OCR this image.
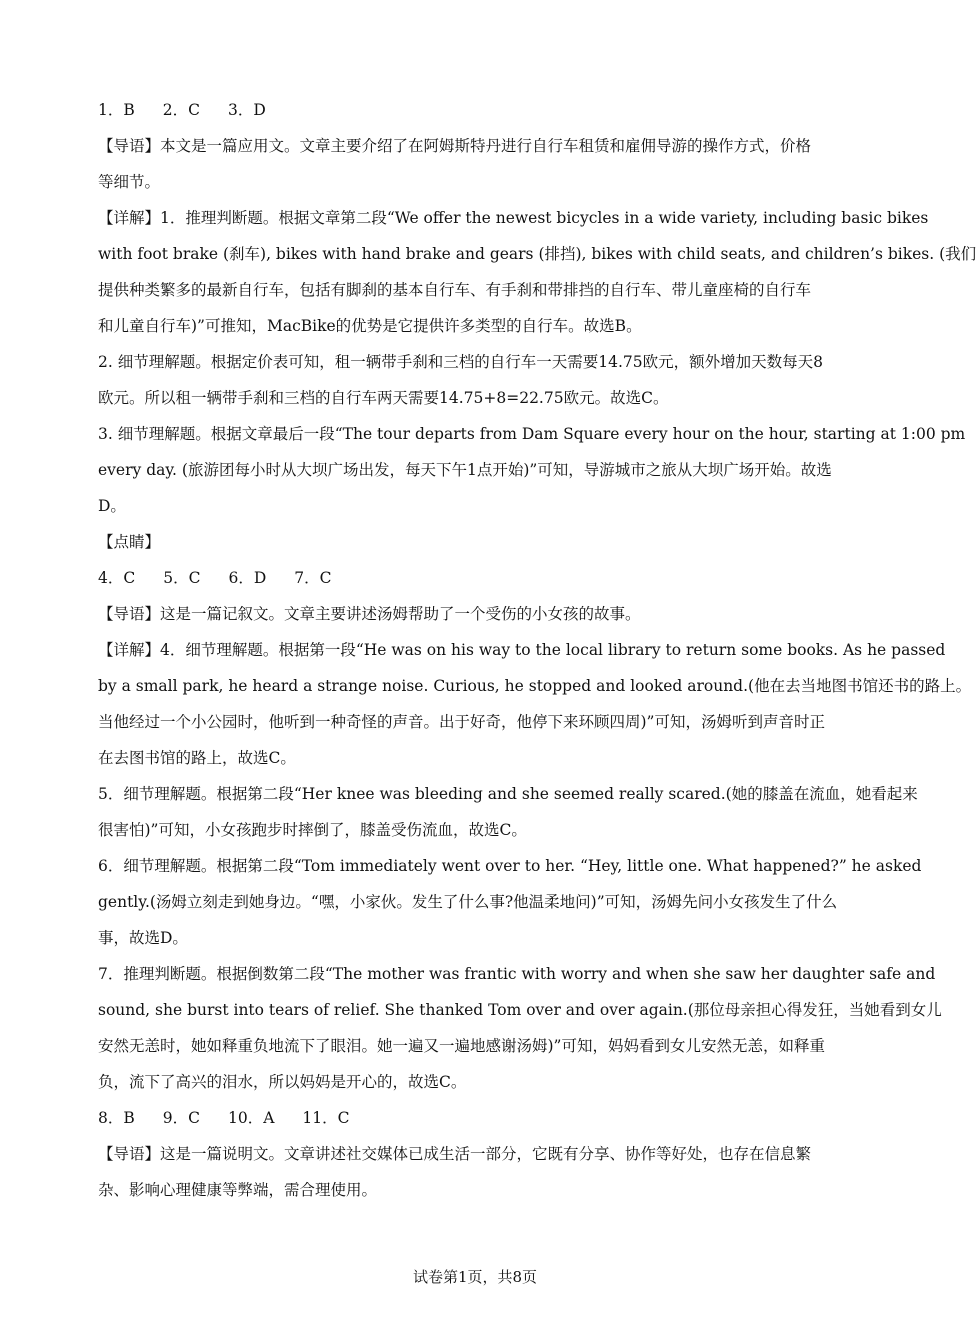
1．B 2．C 3．D
【导语】本文是一篇应用文。文章主要介绍了在阿姆斯特丹进行自行车租赁和雇佣导游的操作方式，价格
等细节。
【详解】1．推理判断题。根据文章第二段“We offer the newest bicycles in a wide variety, including basic bikes
with foot brake (刹车), bikes with hand brake and gears (排挡), bikes with child seats, and children’s bikes. (我们
提供种类繁多的最新自行车，包括有脚刹的基本自行车、有手刹和带排挡的自行车、带儿童座椅的自行车
和儿童自行车)”可推知，MacBike的优势是它提供许多类型的自行车。故选B。
2. 细节理解题。根据定价表可知，租一辆带手刹和三档的自行车一天需要14.75欧元，额外增加天数每天8
欧元。所以租一辆带手刹和三档的自行车两天需要14.75+8=22.75欧元。故选C。
3. 细节理解题。根据文章最后一段“The tour departs from Dam Square every hour on the hour, starting at 1:00 pm
every day. (旅游团每小时从大坝广场出发，每天下午1点开始)”可知，导游城市之旅从大坝广场开始。故选
D。
【点睛】
4．C 5．C 6．D 7．C
【导语】这是一篇记叙文。文章主要讲述汤姆帮助了一个受伤的小女孩的故事。
【详解】4．细节理解题。根据第一段“He was on his way to the local library to return some books. As he passed
by a small park, he heard a strange noise. Curious, he stopped and looked around.(他在去当地图书馆还书的路上。
当他经过一个小公园时，他听到一种奇怪的声音。出于好奇，他停下来环顾四周)”可知，汤姆听到声音时正
在去图书馆的路上，故选C。
5．细节理解题。根据第二段“Her knee was bleeding and she seemed really scared.(她的膝盖在流血，她看起来
很害怕)”可知，小女孩跑步时摔倒了，膝盖受伤流血，故选C。
6．细节理解题。根据第二段“Tom immediately went over to her. “Hey, little one. What happened?” he asked
gently.(汤姆立刻走到她身边。“嘿，小家伙。发生了什么事?他温柔地问)”可知，汤姆先问小女孩发生了什么
事，故选D。
7．推理判断题。根据倒数第二段“The mother was frantic with worry and when she saw her daughter safe and
sound, she burst into tears of relief. She thanked Tom over and over again.(那位母亲担心得发狂，当她看到女儿
安然无恙时，她如释重负地流下了眼泪。她一遍又一遍地感谢汤姆)”可知，妈妈看到女儿安然无恙，如释重
负，流下了高兴的泪水，所以妈妈是开心的，故选C。
8．B 9．C 10．A 11．C
【导语】这是一篇说明文。文章讲述社交媒体已成生活一部分，它既有分享、协作等好处，也存在信息繁
杂、影响心理健康等弊端，需合理使用。
试卷第1页，共8页
